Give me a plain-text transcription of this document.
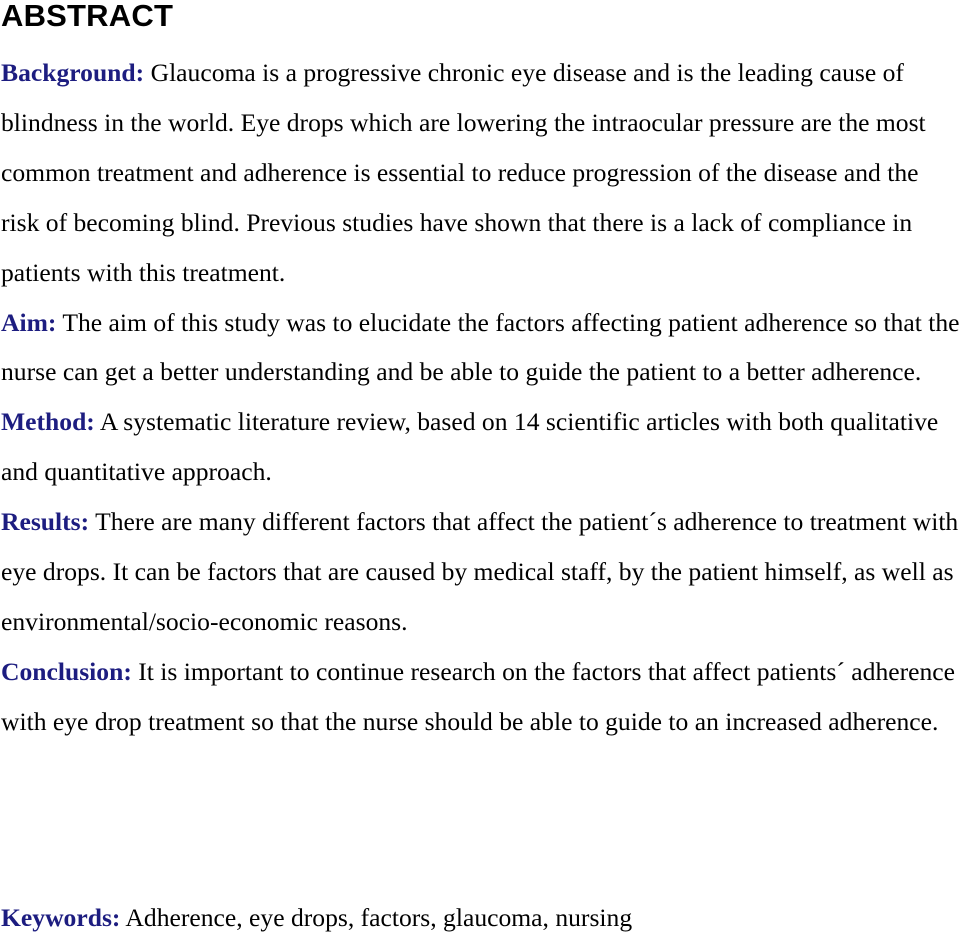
ABSTRACT

Background: Glaucoma is a progressive chronic eye disease and is the leading cause of blindness in the world. Eye drops which are lowering the intraocular pressure are the most common treatment and adherence is essential to reduce progression of the disease and the risk of becoming blind. Previous studies have shown that there is a lack of compliance in patients with this treatment.

Aim: The aim of this study was to elucidate the factors affecting patient adherence so that the nurse can get a better understanding and be able to guide the patient to a better adherence.

Method: A systematic literature review, based on 14 scientific articles with both qualitative and quantitative approach.

Results: There are many different factors that affect the patient´s adherence to treatment with eye drops. It can be factors that are caused by medical staff, by the patient himself, as well as environmental/socio-economic reasons.

Conclusion: It is important to continue research on the factors that affect patients´ adherence with eye drop treatment so that the nurse should be able to guide to an increased adherence.

Keywords: Adherence, eye drops, factors, glaucoma, nursing
